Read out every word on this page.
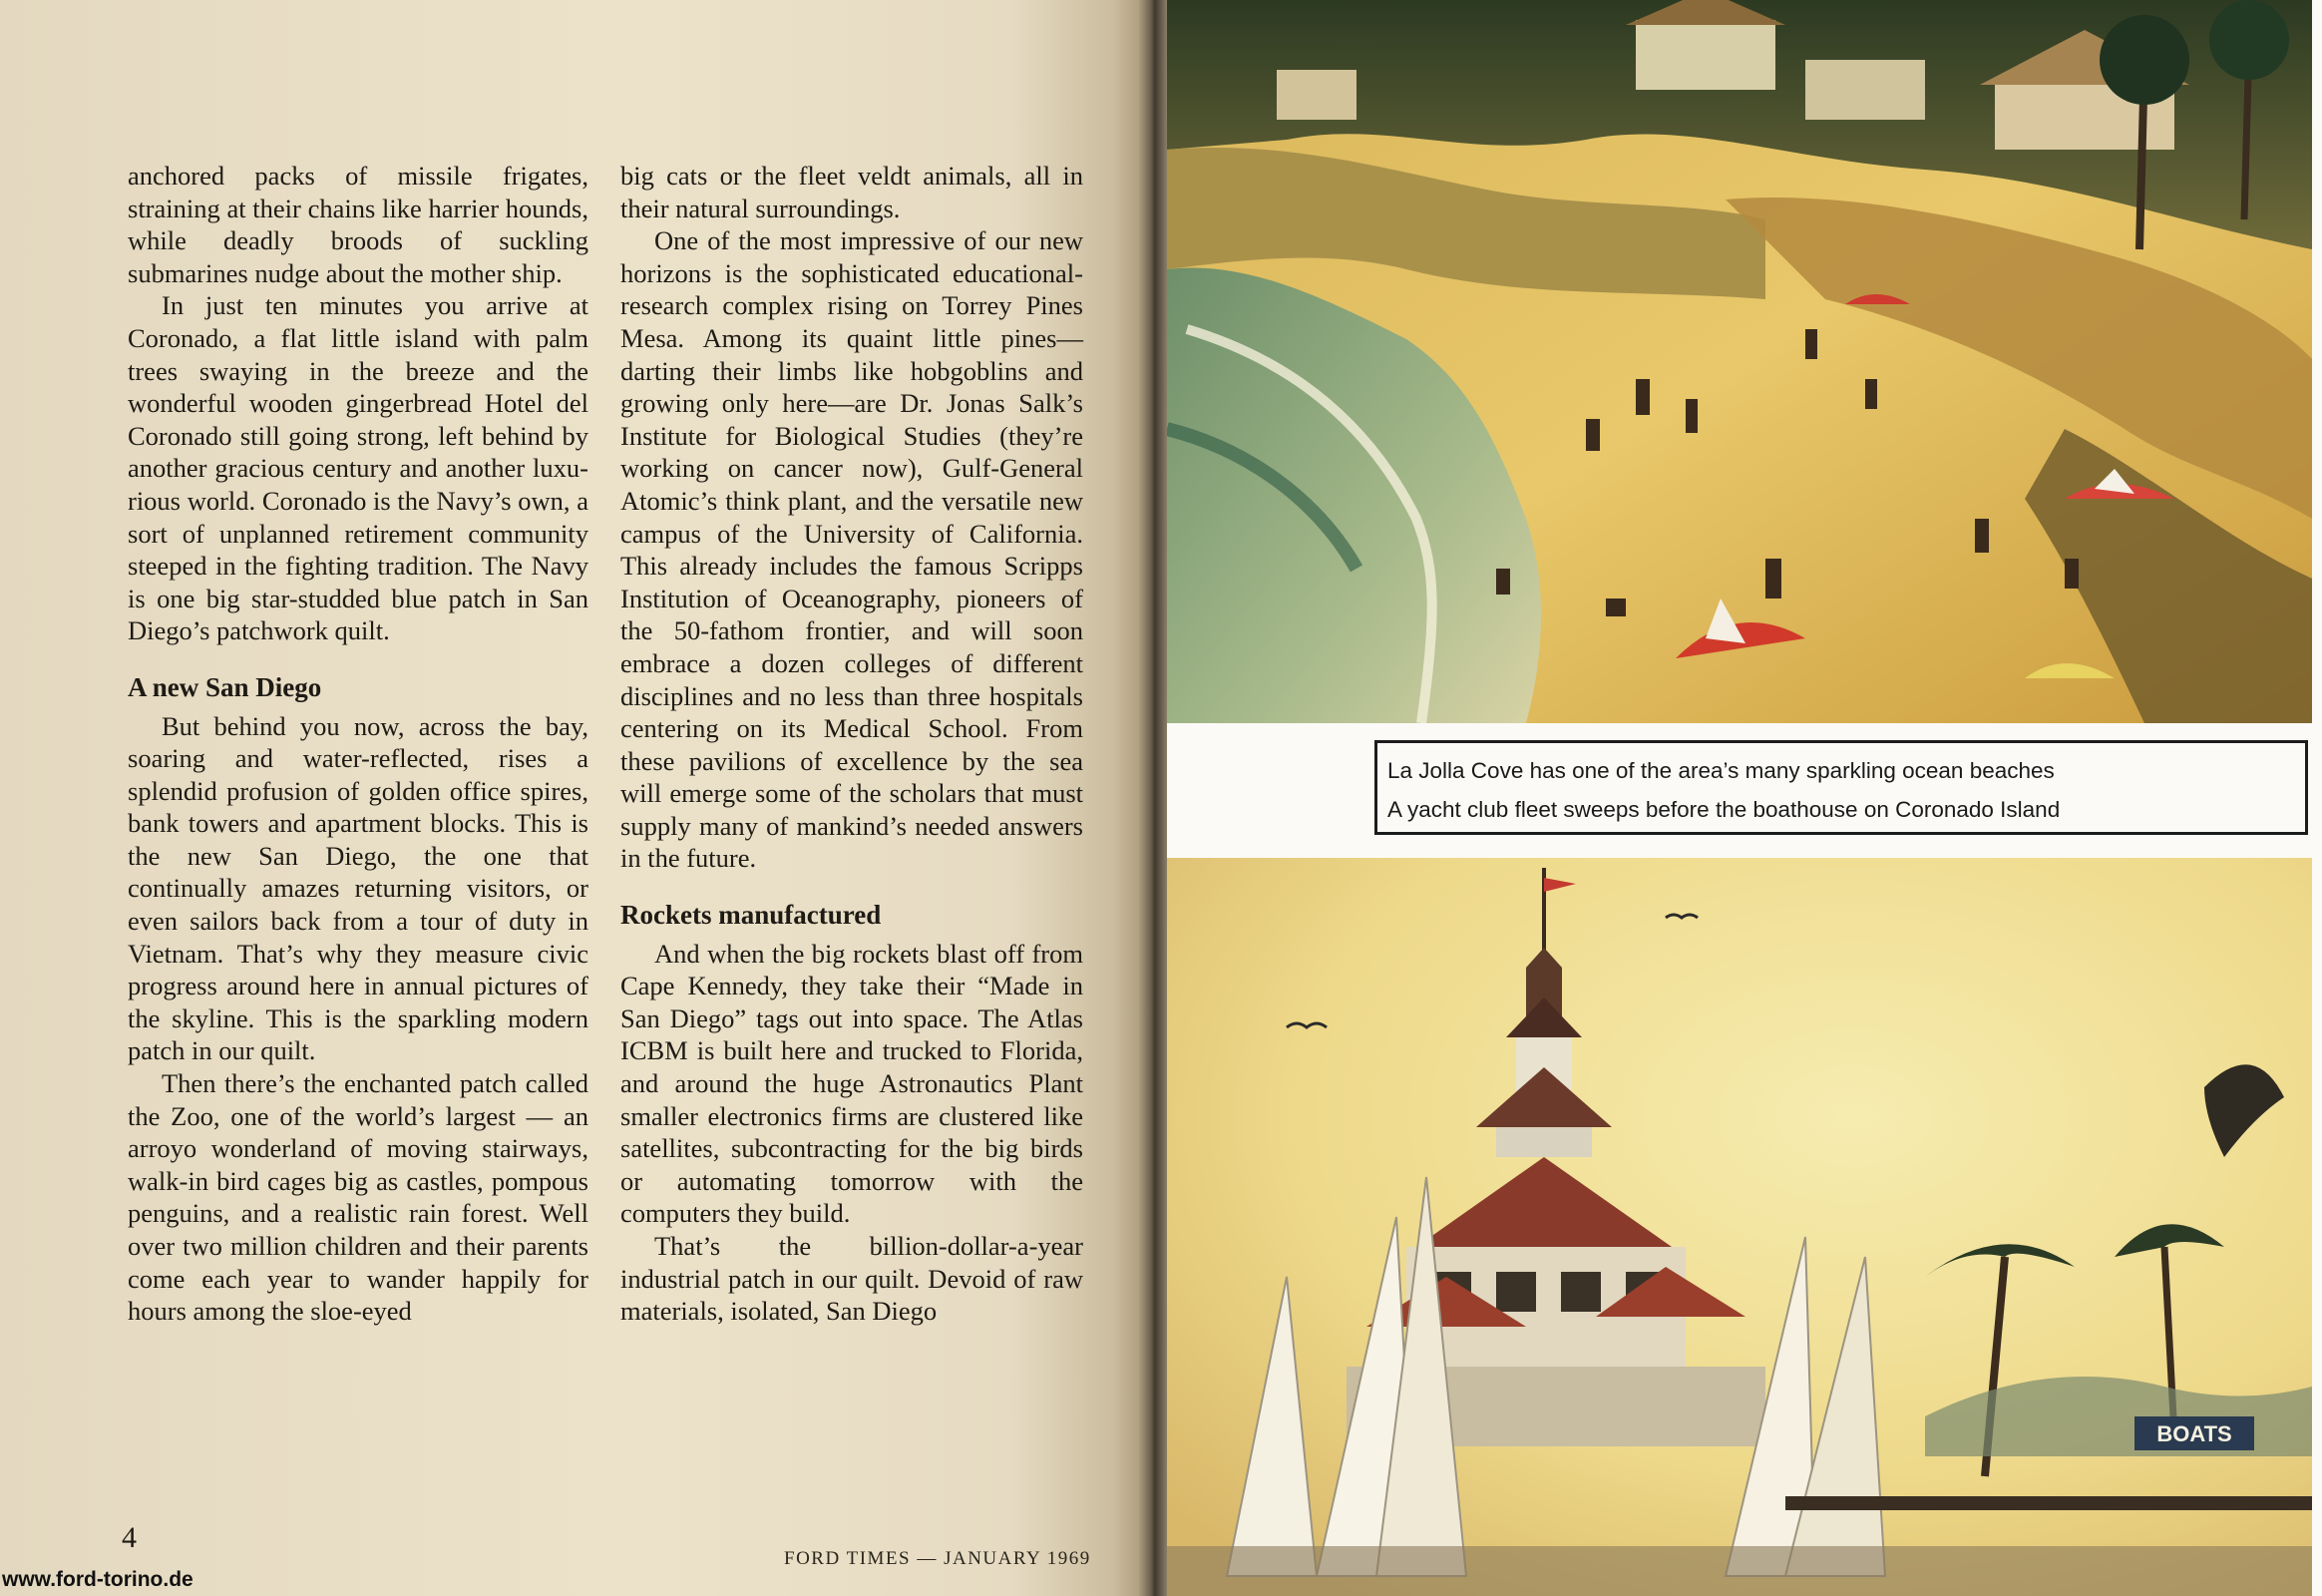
anchored packs of missile frigates, straining at their chains like harrier hounds, while deadly broods of suckling submarines nudge about the mother ship.

In just ten minutes you arrive at Coronado, a flat little island with palm trees swaying in the breeze and the wonderful wooden gingerbread Hotel del Coronado still going strong, left behind by another gracious century and another luxurious world. Coronado is the Navy’s own, a sort of unplanned retirement community steeped in the fighting tradition. The Navy is one big star-studded blue patch in San Diego’s patchwork quilt.

A new San Diego

But behind you now, across the bay, soaring and water-reflected, rises a splendid profusion of golden office spires, bank towers and apartment blocks. This is the new San Diego, the one that continually amazes returning visitors, or even sailors back from a tour of duty in Vietnam. That’s why they measure civic progress around here in annual pictures of the skyline. This is the sparkling modern patch in our quilt.

Then there’s the enchanted patch called the Zoo, one of the world’s largest — an arroyo wonderland of moving stairways, walk-in bird cages big as castles, pompous penguins, and a realistic rain forest. Well over two million children and their parents come each year to wander happily for hours among the sloe-eyed

big cats or the fleet veldt animals, all in their natural surroundings.

One of the most impressive of our new horizons is the sophisticated educational-research complex rising on Torrey Pines Mesa. Among its quaint little pines—darting their limbs like hobgoblins and growing only here—are Dr. Jonas Salk’s Institute for Biological Studies (they’re working on cancer now), Gulf-General Atomic’s think plant, and the versatile new campus of the University of California. This already includes the famous Scripps Institution of Oceanography, pioneers of the 50-fathom frontier, and will soon embrace a dozen colleges of different disciplines and no less than three hospitals centering on its Medical School. From these pavilions of excellence by the sea will emerge some of the scholars that must supply many of mankind’s needed answers in the future.

Rockets manufactured

And when the big rockets blast off from Cape Kennedy, they take their “Made in San Diego” tags out into space. The Atlas ICBM is built here and trucked to Florida, and around the huge Astronautics Plant smaller electronics firms are clustered like satellites, subcontracting for the big birds or automating tomorrow with the computers they build.

That’s the billion-dollar-a-year industrial patch in our quilt. Devoid of raw materials, isolated, San Diego

4
FORD TIMES — JANUARY 1969
www.ford-torino.de
La Jolla Cove has one of the area’s many sparkling ocean beaches
A yacht club fleet sweeps before the boathouse on Coronado Island
BOATS
